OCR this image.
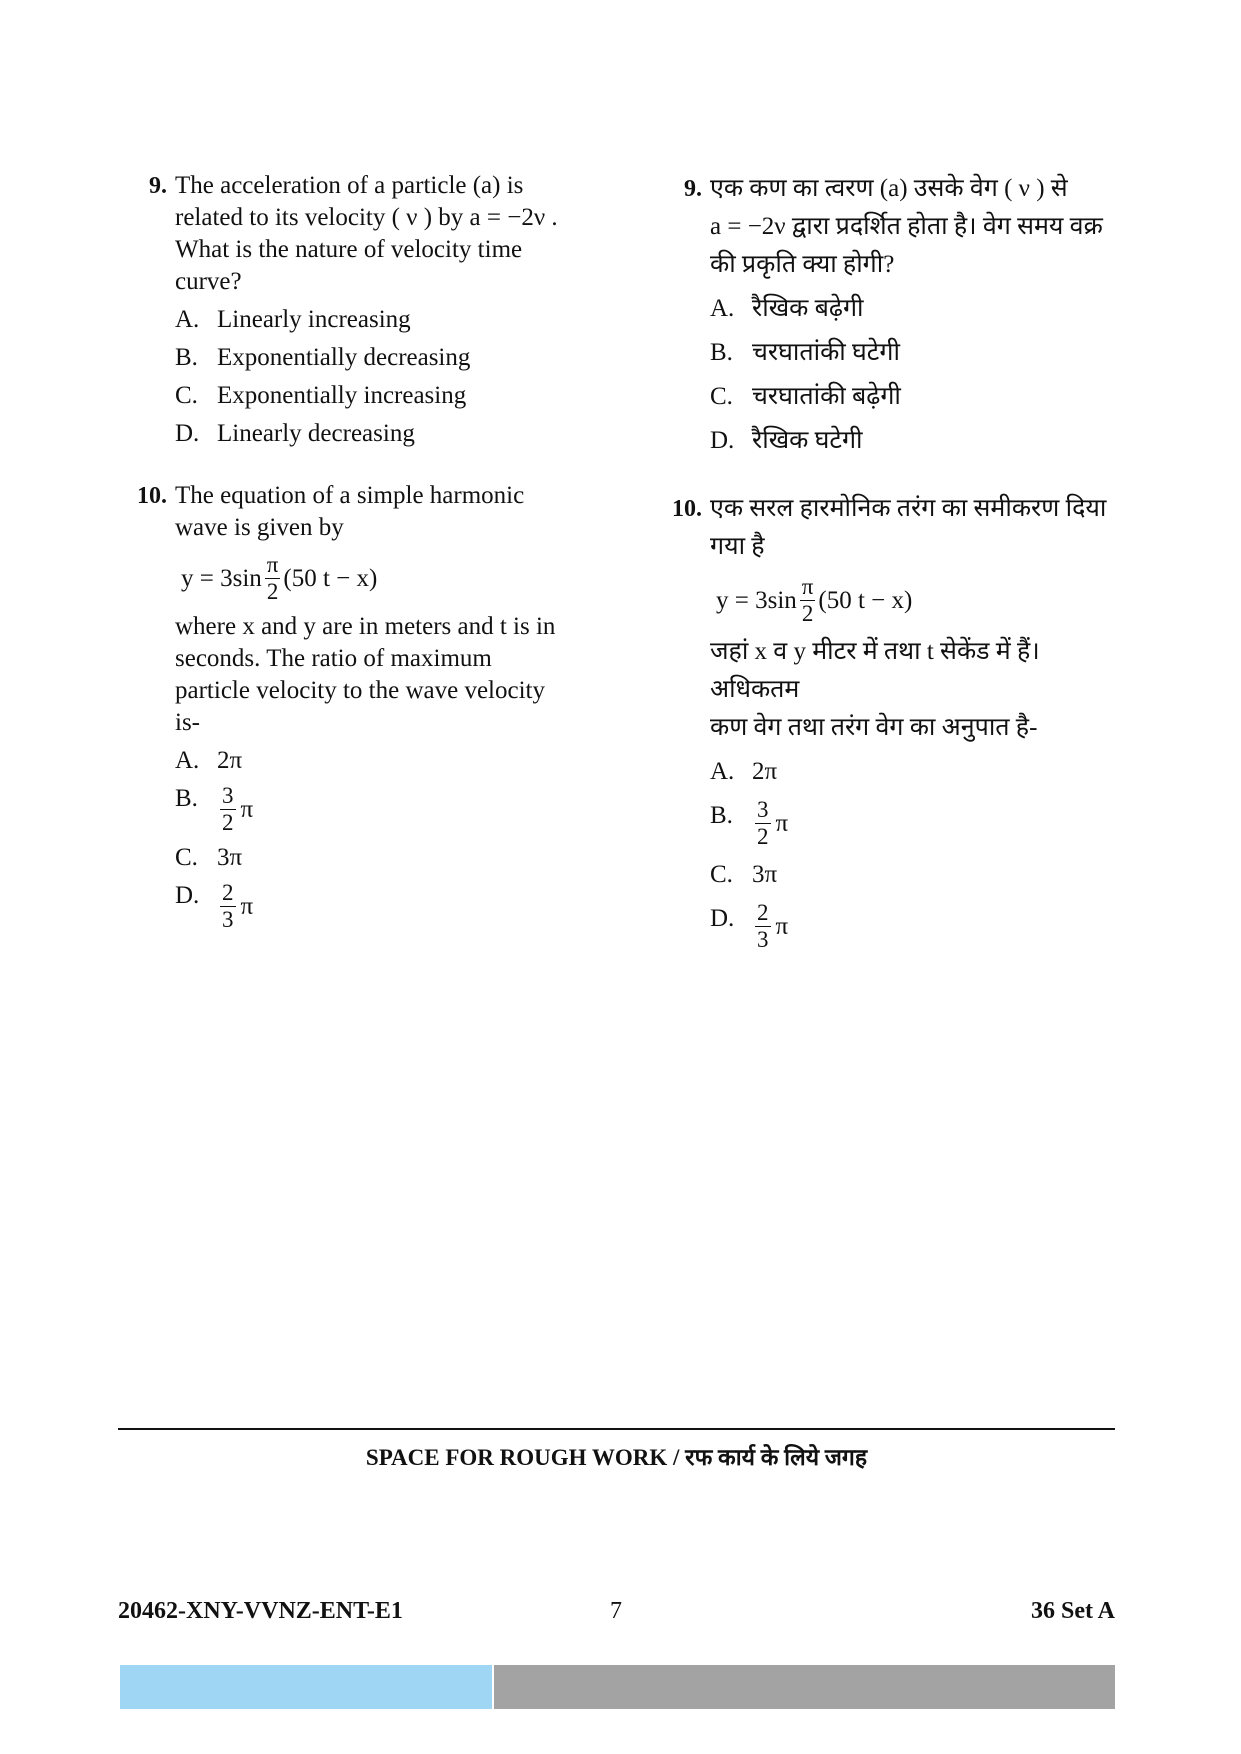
9. The acceleration of a particle (a) is
related to its velocity ( ν ) by a = −2ν .
What is the nature of velocity time
curve?
A. Linearly increasing
B. Exponentially decreasing
C. Exponentially increasing
D. Linearly decreasing
10. The equation of a simple harmonic
wave is given by
$y = 3\sin \frac{\pi}{2} (50$ t − x)
where x and y are in meters and t is in
seconds. The ratio of maximum
particle velocity to the wave velocity
is-
A. 2π
B. $\frac{3}{2}$ π
C. 3π
D. $\frac{2}{3}$ π
9. एक कण का त्वरण (a) उसके वेग ( ν ) से
a = −2ν द्वारा प्रदर्शित होता है। वेग समय वक्र
की प्रकृति क्या होगी?
A. रैखिक बढ़ेगी
B. चरघातांकी घटेगी
C. चरघातांकी बढ़ेगी
D. रैखिक घटेगी
10. एक सरल हारमोनिक तरंग का समीकरण दिया
गया है
$y = 3\sin \frac{\pi}{2} (50$ t − x)
जहां x व y मीटर में तथा t सेकेंड में हैं। अधिकतम
कण वेग तथा तरंग वेग का अनुपात है-
A. 2π
B. $\frac{3}{2}$ π
C. 3π
D. $\frac{2}{3}$ π
SPACE FOR ROUGH WORK / रफ कार्य के लिये जगह
20462-XNY-VVNZ-ENT-E1	7	36 Set A
